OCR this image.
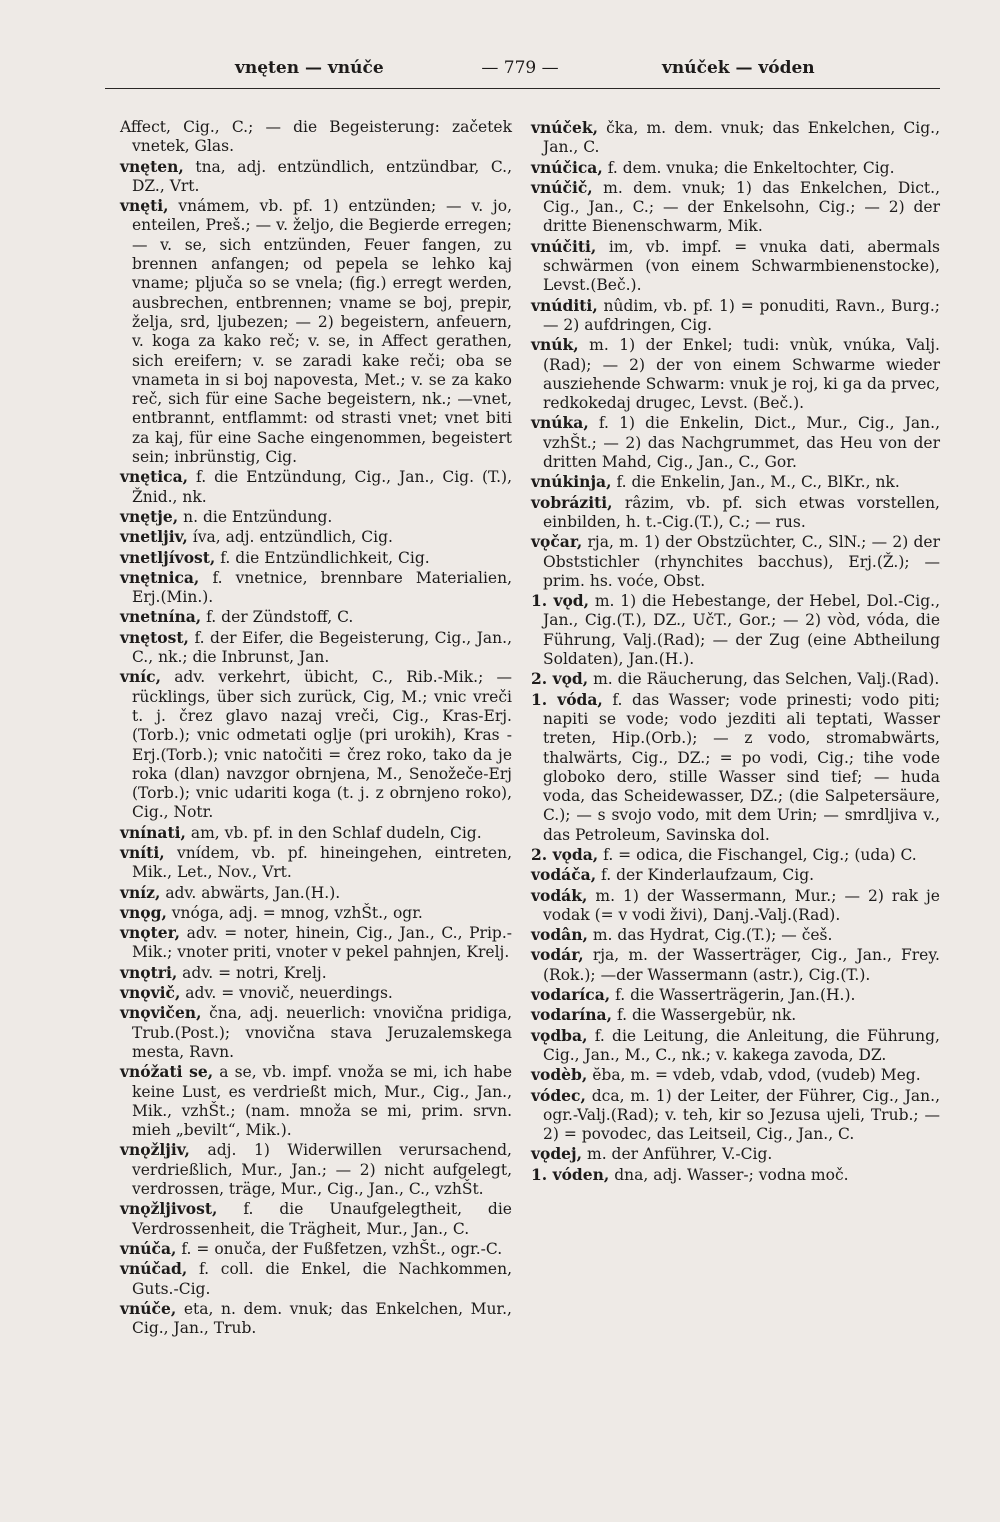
vnęten — vnúče	— 779 —	vnúček — vóden

Affect, Cig., C.; — die Begeisterung: začetek vnetek, Glas.

vnęten, tna, adj. entzündlich, entzündbar, C., DZ., Vrt.

vnęti, vnámem, vb. pf. 1) entzünden; — v. jo, enteilen, Preš.; — v. željo, die Begierde erregen; — v. se, sich entzünden, Feuer fangen, zu brennen anfangen; od pepela se lehko kaj vname; pljuča so se vnela; (fig.) erregt werden, ausbrechen, entbrennen; vname se boj, prepir, želja, srd, ljubezen; — 2) begeistern, anfeuern, v. koga za kako reč; v. se, in Affect gerathen, sich ereifern; v. se zaradi kake reči; oba se vnameta in si boj napovesta, Met.; v. se za kako reč, sich für eine Sache begeistern, nk.; —vnet, entbrannt, entflammt: od strasti vnet; vnet biti za kaj, für eine Sache eingenommen, begeistert sein; inbrünstig, Cig.

vnętica, f. die Entzündung, Cig., Jan., Cig. (T.), Žnid., nk.

vnętje, n. die Entzündung.

vnetljiv, íva, adj. entzündlich, Cig.

vnetljívost, f. die Entzündlichkeit, Cig.

vnętnica, f. vnetnice, brennbare Materialien, Erj.(Min.).

vnetnína, f. der Zündstoff, C.

vnętost, f. der Eifer, die Begeisterung, Cig., Jan., C., nk.; die Inbrunst, Jan.

vníc, adv. verkehrt, übicht, C., Rib.-Mik.; — rücklings, über sich zurück, Cig, M.; vnic vreči t. j. črez glavo nazaj vreči, Cig., Kras-Erj.(Torb.); vnic odmetati oglje (pri urokih), Kras - Erj.(Torb.); vnic natočiti = črez roko, tako da je roka (dlan) navzgor obrnjena, M., Senožeče-Erj (Torb.); vnic udariti koga (t. j. z obrnjeno roko), Cig., Notr.

vnínati, am, vb. pf. in den Schlaf dudeln, Cig.

vníti, vnídem, vb. pf. hineingehen, eintreten, Mik., Let., Nov., Vrt.

vníz, adv. abwärts, Jan.(H.).

vnǫg, vnóga, adj. = mnog, vzhŠt., ogr.

vnǫter, adv. = noter, hinein, Cig., Jan., C., Prip.-Mik.; vnoter priti, vnoter v pekel pahnjen, Krelj.

vnǫtri, adv. = notri, Krelj.

vnǫvič, adv. = vnovič, neuerdings.

vnǫvičen, čna, adj. neuerlich: vnovična pridiga, Trub.(Post.); vnovična stava Jeruzalemskega mesta, Ravn.

vnóžati se, a se, vb. impf. vnoža se mi, ich habe keine Lust, es verdrießt mich, Mur., Cig., Jan., Mik., vzhŠt.; (nam. množa se mi, prim. srvn. mieh „bevilt“, Mik.).

vnǫžljiv, adj. 1) Widerwillen verursachend, verdrießlich, Mur., Jan.; — 2) nicht aufgelegt, verdrossen, träge, Mur., Cig., Jan., C., vzhŠt.

vnǫžljivost, f. die Unaufgelegtheit, die Verdrossenheit, die Trägheit, Mur., Jan., C.

vnúča, f. = onuča, der Fußfetzen, vzhŠt., ogr.-C.

vnúčad, f. coll. die Enkel, die Nachkommen, Guts.-Cig.

vnúče, eta, n. dem. vnuk; das Enkelchen, Mur., Cig., Jan., Trub.

vnúček, čka, m. dem. vnuk; das Enkelchen, Cig., Jan., C.

vnúčica, f. dem. vnuka; die Enkeltochter, Cig.

vnúčič, m. dem. vnuk; 1) das Enkelchen, Dict., Cig., Jan., C.; — der Enkelsohn, Cig.; — 2) der dritte Bienenschwarm, Mik.

vnúčiti, im, vb. impf. = vnuka dati, abermals schwärmen (von einem Schwarmbienenstocke), Levst.(Beč.).

vnúditi, nûdim, vb. pf. 1) = ponuditi, Ravn., Burg.; — 2) aufdringen, Cig.

vnúk, m. 1) der Enkel; tudi: vnùk, vnúka, Valj.(Rad); — 2) der von einem Schwarme wieder ausziehende Schwarm: vnuk je roj, ki ga da prvec, redkokedaj drugec, Levst. (Beč.).

vnúka, f. 1) die Enkelin, Dict., Mur., Cig., Jan., vzhŠt.; — 2) das Nachgrummet, das Heu von der dritten Mahd, Cig., Jan., C., Gor.

vnúkinja, f. die Enkelin, Jan., M., C., BlKr., nk.

vobráziti, râzim, vb. pf. sich etwas vorstellen, einbilden, h. t.-Cig.(T.), C.; — rus.

vǫčar, rja, m. 1) der Obstzüchter, C., SlN.; — 2) der Obststichler (rhynchites bacchus), Erj.(Ž.); — prim. hs. voće, Obst.

1. vǫd, m. 1) die Hebestange, der Hebel, Dol.-Cig., Jan., Cig.(T.), DZ., UčT., Gor.; — 2) vòd, vóda, die Führung, Valj.(Rad); — der Zug (eine Abtheilung Soldaten), Jan.(H.).

2. vǫd, m. die Räucherung, das Selchen, Valj.(Rad).

1. vóda, f. das Wasser; vode prinesti; vodo piti; napiti se vode; vodo jezditi ali teptati, Wasser treten, Hip.(Orb.); — z vodo, stromabwärts, thalwärts, Cig., DZ.; = po vodi, Cig.; tihe vode globoko dero, stille Wasser sind tief; — huda voda, das Scheidewasser, DZ.; (die Salpetersäure, C.); — s svojo vodo, mit dem Urin; — smrdljiva v., das Petroleum, Savinska dol.

2. vǫda, f. = odica, die Fischangel, Cig.; (uda) C.

vodáča, f. der Kinderlaufzaum, Cig.

vodák, m. 1) der Wassermann, Mur.; — 2) rak je vodak (= v vodi živi), Danj.-Valj.(Rad).

vodân, m. das Hydrat, Cig.(T.); — češ.

vodár, rja, m. der Wasserträger, Cig., Jan., Frey.(Rok.); —der Wassermann (astr.), Cig.(T.).

vodaríca, f. die Wasserträgerin, Jan.(H.).

vodarína, f. die Wassergebür, nk.

vǫdba, f. die Leitung, die Anleitung, die Führung, Cig., Jan., M., C., nk.; v. kakega zavoda, DZ.

vodèb, ĕba, m. = vdeb, vdab, vdod, (vudeb) Meg.

vódec, dca, m. 1) der Leiter, der Führer, Cig., Jan., ogr.-Valj.(Rad); v. teh, kir so Jezusa ujeli, Trub.; — 2) = povodec, das Leitseil, Cig., Jan., C.

vǫdej, m. der Anführer, V.-Cig.

1. vóden, dna, adj. Wasser-; vodna moč.
